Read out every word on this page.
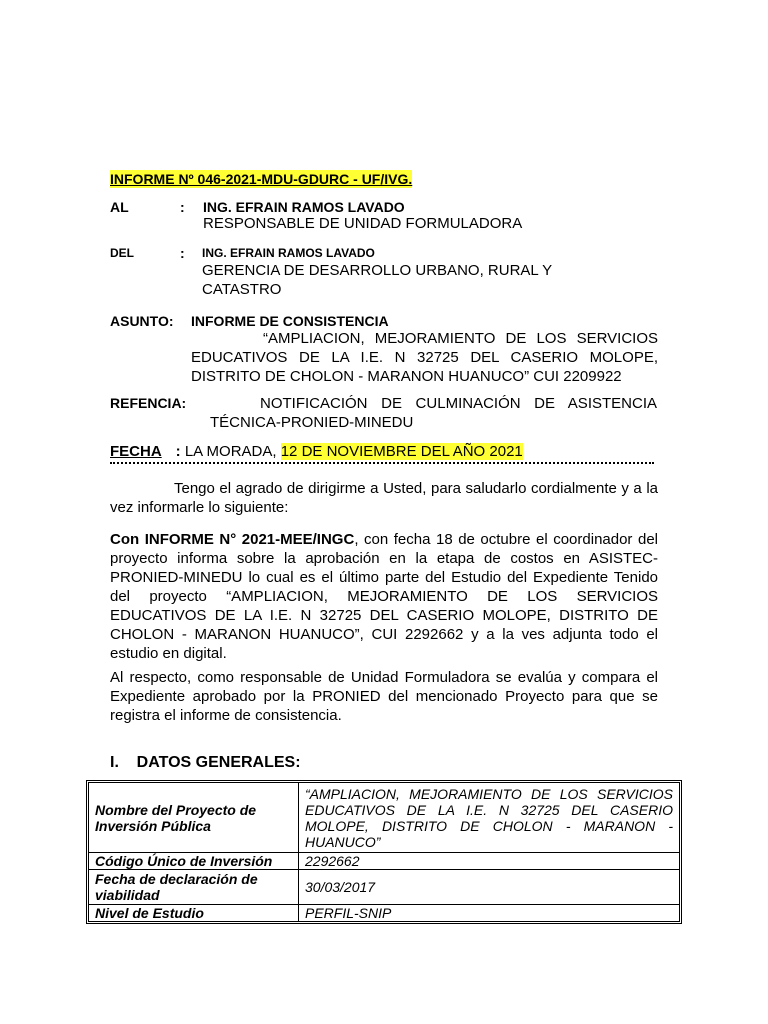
INFORME Nº 046-2021-MDU-GDURC - UF/IVG.
AL	: ING. EFRAIN RAMOS LAVADO
RESPONSABLE DE UNIDAD FORMULADORA
DEL	: ING. EFRAIN RAMOS LAVADO
GERENCIA DE DESARROLLO URBANO, RURAL Y CATASTRO
ASUNTO: INFORME DE CONSISTENCIA
“AMPLIACION, MEJORAMIENTO DE LOS SERVICIOS EDUCATIVOS DE LA I.E. N 32725 DEL CASERIO MOLOPE, DISTRITO DE CHOLON - MARANON HUANUCO” CUI 2209922
REFENCIA:	NOTIFICACIÓN DE CULMINACIÓN DE ASISTENCIA TÉCNICA-PRONIED-MINEDU
FECHA : LA MORADA, 12 DE NOVIEMBRE DEL AÑO 2021
Tengo el agrado de dirigirme a Usted, para saludarlo cordialmente y a la vez informarle lo siguiente:
Con INFORME N° 2021-MEE/INGC, con fecha 18 de octubre el coordinador del proyecto informa sobre la aprobación en la etapa de costos en ASISTEC-PRONIED-MINEDU lo cual es el último parte del Estudio del Expediente Tenido del proyecto “AMPLIACION, MEJORAMIENTO DE LOS SERVICIOS EDUCATIVOS DE LA I.E. N 32725 DEL CASERIO MOLOPE, DISTRITO DE CHOLON - MARANON HUANUCO”, CUI 2292662 y a la ves adjunta todo el estudio en digital.
Al respecto, como responsable de Unidad Formuladora se evalúa y compara el Expediente aprobado por la PRONIED del mencionado Proyecto para que se registra el informe de consistencia.
I.    DATOS GENERALES:
Nombre del Proyecto de Inversión Pública	“AMPLIACION, MEJORAMIENTO DE LOS SERVICIOS EDUCATIVOS DE LA I.E. N 32725 DEL CASERIO MOLOPE, DISTRITO DE CHOLON - MARANON - HUANUCO”
Código Único de Inversión	2292662
Fecha de declaración de viabilidad	30/03/2017
Nivel de Estudio	PERFIL-SNIP
